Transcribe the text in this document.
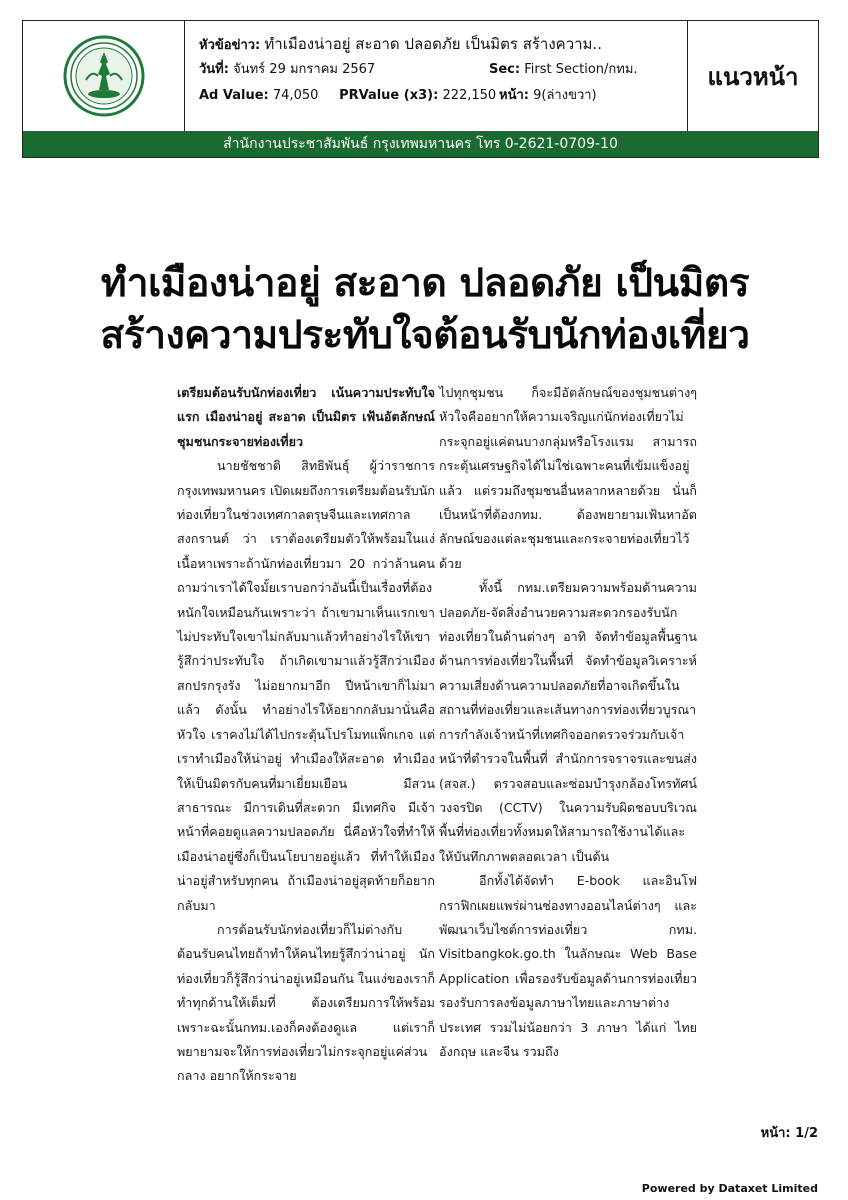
หัวข้อข่าว: ทำเมืองน่าอยู่ สะอาด ปลอดภัย เป็นมิตร สร้างความ..
วันที่: จันทร์ 29 มกราคม 2567	Sec: First Section/กทม.
Ad Value: 74,050 PRValue (x3): 222,150 หน้า: 9(ล่างขวา)
แนวหน้า
สำนักงานประชาสัมพันธ์ กรุงเทพมหานคร โทร 0-2621-0709-10
ทำเมืองน่าอยู่ สะอาด ปลอดภัย เป็นมิตร
สร้างความประทับใจต้อนรับนักท่องเที่ยว

เตรียมต้อนรับนักท่องเที่ยว เน้นความประทับใจแรก เมืองน่าอยู่ สะอาด เป็นมิตร เฟ้นอัตลักษณ์ชุมชนกระจายท่องเที่ยว

นายชัชชาติ สิทธิพันธุ์ ผู้ว่าราชการกรุงเทพมหานคร เปิดเผยถึงการเตรียมต้อนรับนักท่องเที่ยวในช่วงเทศกาลตรุษจีนและเทศกาลสงกรานต์ ว่า เราต้องเตรียมตัวให้พร้อมในแง่เนื้อหาเพราะถ้านักท่องเที่ยวมา 20 กว่าล้านคนถามว่าเราได้ใจมั้ยเราบอกว่าอันนี้เป็นเรื่องที่ต้องหนักใจเหมือนกันเพราะว่า ถ้าเขามาเห็นแรกเขาไม่ประทับใจเขาไม่กลับมาแล้วทำอย่างไรให้เขารู้สึกว่าประทับใจ ถ้าเกิดเขามาแล้วรู้สึกว่าเมืองสกปรกรุงรัง ไม่อยากมาอีก ปีหน้าเขาก็ไม่มาแล้ว ดังนั้น ทำอย่างไรให้อยากกลับมานั่นคือหัวใจ เราคงไม่ได้ไปกระตุ้นโปรโมทแพ็กเกจ แต่เราทำเมืองให้น่าอยู่ ทำเมืองให้สะอาด ทำเมืองให้เป็นมิตรกับคนที่มาเยี่ยมเยือน มีสวนสาธารณะ มีการเดินที่สะดวก มีเทศกิจ มีเจ้าหน้าที่คอยดูแลความปลอดภัย นี่คือหัวใจที่ทำให้เมืองน่าอยู่ซึ่งก็เป็นนโยบายอยู่แล้ว ที่ทำให้เมืองน่าอยู่สำหรับทุกคน ถ้าเมืองน่าอยู่สุดท้ายก็อยากกลับมา

การต้อนรับนักท่องเที่ยวก็ไม่ต่างกับต้อนรับคนไทยถ้าทำให้คนไทยรู้สึกว่าน่าอยู่ นักท่องเที่ยวก็รู้สึกว่าน่าอยู่เหมือนกัน ในแง่ของเราก็ทำทุกด้านให้เต็มที่ ต้องเตรียมการให้พร้อม เพราะฉะนั้นกทม.เองก็คงต้องดูแล แต่เราก็พยายามจะให้การท่องเที่ยวไม่กระจุกอยู่แค่ส่วนกลาง อยากให้กระจาย

ไปทุกชุมชน ก็จะมีอัตลักษณ์ของชุมชนต่างๆ หัวใจคืออยากให้ความเจริญแก่นักท่องเที่ยวไม่กระจุกอยู่แค่ตนบางกลุ่มหรือโรงแรม สามารถกระตุ้นเศรษฐกิจได้ไม่ใช่เฉพาะคนที่เข้มแข็งอยู่แล้ว แต่รวมถึงชุมชนอื่นหลากหลายด้วย นั่นก็เป็นหน้าที่ต้องกทม. ต้องพยายามเฟ้นหาอัตลักษณ์ของแต่ละชุมชนและกระจายท่องเที่ยวไว้ด้วย

ทั้งนี้ กทม.เตรียมความพร้อมด้านความปลอดภัย-จัดสิ่งอำนวยความสะดวกรองรับนักท่องเที่ยวในด้านต่างๆ อาทิ จัดทำข้อมูลพื้นฐานด้านการท่องเที่ยวในพื้นที่ จัดทำข้อมูลวิเคราะห์ความเสี่ยงด้านความปลอดภัยที่อาจเกิดขึ้นในสถานที่ท่องเที่ยวและเส้นทางการท่องเที่ยวบูรณาการกำลังเจ้าหน้าที่เทศกิจออกตรวจร่วมกับเจ้าหน้าที่ตำรวจในพื้นที่ สำนักการจราจรและขนส่ง (สจส.) ตรวจสอบและซ่อมบำรุงกล้องโทรทัศน์วงจรปิด (CCTV) ในความรับผิดชอบบริเวณพื้นที่ท่องเที่ยวทั้งหมดให้สามารถใช้งานได้และให้บันทึกภาพตลอดเวลา เป็นต้น

อีกทั้งได้จัดทำ E-book และอินโฟกราฟิกเผยแพร่ผ่านช่องทางออนไลน์ต่างๆ และพัฒนาเว็บไซต์การท่องเที่ยว กทม. Visitbangkok.go.th ในลักษณะ Web Base Application เพื่อรองรับข้อมูลด้านการท่องเที่ยวรองรับการลงข้อมูลภาษาไทยและภาษาต่างประเทศ รวมไม่น้อยกว่า 3 ภาษา ได้แก่ ไทย อังกฤษ และจีน รวมถึง

หน้า: 1/2
Powered by Dataxet Limited
